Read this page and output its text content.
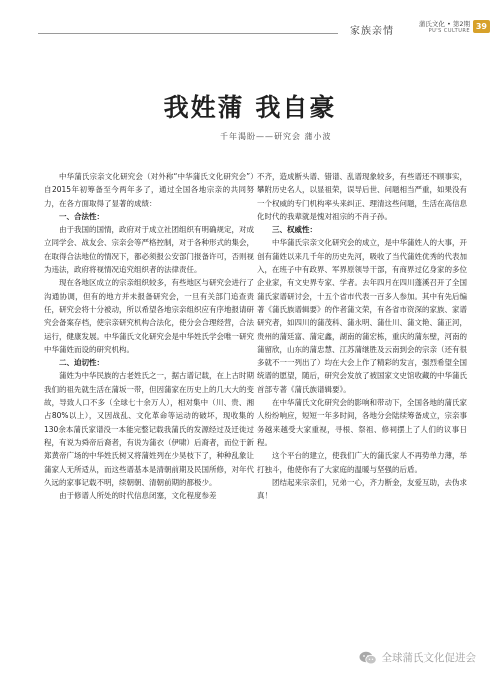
家族亲情
蒲氏文化 • 第2期
PU'S CULTURE 39
我姓蒲 我自豪
千年渴盼——研究会 蒲小波

中华蒲氏宗亲文化研究会（对外称“中华蒲氏文化研究会”）自2015年初筹备至今两年多了，通过全国各地宗亲的共同努力，在各方面取得了显著的成绩：

一、合法性：

由于我国的国情，政府对于成立社团组织有明确规定，对成立同学会、战友会、宗亲会等严格控制，对于各种形式的集会，在取得合法地位的情况下，都必须报公安部门报备许可，否则视为违法，政府将视情况追究组织者的法律责任。

现在各地区成立的宗亲组织较多，有些地区与研究会进行了沟通协调，但有的地方并未报备研究会，一旦有关部门追查责任，研究会将十分被动，所以希望各地宗亲组织应有序地报请研究会备案存档，使宗亲研究机构合法化，使分会合理经营，合法运行，健康发展。中华蒲氏文化研究会是中华姓氏学会唯一研究中华蒲姓而设的研究机构。

二、迫切性：

蒲姓为中华民族的古老姓氏之一，据古谱记载，在上古时期我们的祖先就生活在蒲坂一带，但因蒲家在历史上的几大大的变故，导致人口不多（全球七十余万人），相对集中（川、贵、湘占80%以上），又因战乱、文化革命等运动的破坏，现收集的130余本蒲氏家谱没一本能完整记载我蒲氏的发源经过及迁徙过程，有说为舜帝后裔者，有说为蒲衣（伊啸）后裔者，而位于新郑黄帝广场的中华姓氏树又将蒲姓列在少昊枝下了，种种乱象让蒲家人无所适从，而这些谱基本是清朝前期及民国所修，对年代久远的家事记载不明，续朝朝、清朝前期的都极少。

由于修谱人所处的时代信息闭塞，文化程度参差

不齐，造成断头谱、错谱、乱谱现象较多，有些谱还不顾事实，攀附历史名人，以显祖荣，误导后世、问题相当严重，如果没有一个权威的专门机构率头来纠正、理清这些问题，生活在高信息化时代的我辈就是愧对祖宗的不肖子孙。

三、权威性：

中华蒲氏宗亲文化研究会的成立，是中华蒲姓人的大事，开创有蒲姓以来几千年的历史先河，吸收了当代蒲姓优秀的代表加入，在班子中有政界、军界原领导干部，有商界过亿身家的多位企业家，有文史界专家、学者。去年四月在四川蓬溪召开了全国蒲氏家谱研讨会，十五个省市代表一百多人参加。其中有先后编著《蒲氏族谱辑要》的作者蒲文荣，有各省市资深的家族、家谱研究者，如四川的蒲茂科、蒲永明、蒲仕川、蒲文艳、蒲正河，贵州的蒲廷富、蒲定鑫，湖南的蒲宏栋，重庆的蒲东壁，河南的蒲留欣，山东的蒲忠慧、江苏蒲继胜及云南到会的宗亲（还有很多就不一一列出了）均在大会上作了精彩的发言，强烈希望全国统谱的愿望，随后，研究会发放了被国家文史馆收藏的中华蒲氏首部专著《蒲氏族谱辑要》。

在中华蒲氏文化研究会的影响和带动下，全国各地的蒲氏家人纷纷响应，短短一年多时间，各地分会陆续筹备成立，宗亲事务越来越受大家重视，寻根、祭祖、修祠摆上了人们的议事日程。

这个平台的建立，使我们广大的蒲氏家人不再势单力薄，举打独斗，他使你有了大家庭的温暖与坚强的后盾。

团结起来宗亲们，兄弟一心，齐力断金，友爱互助，去伪求真！

全球蒲氏文化促进会
